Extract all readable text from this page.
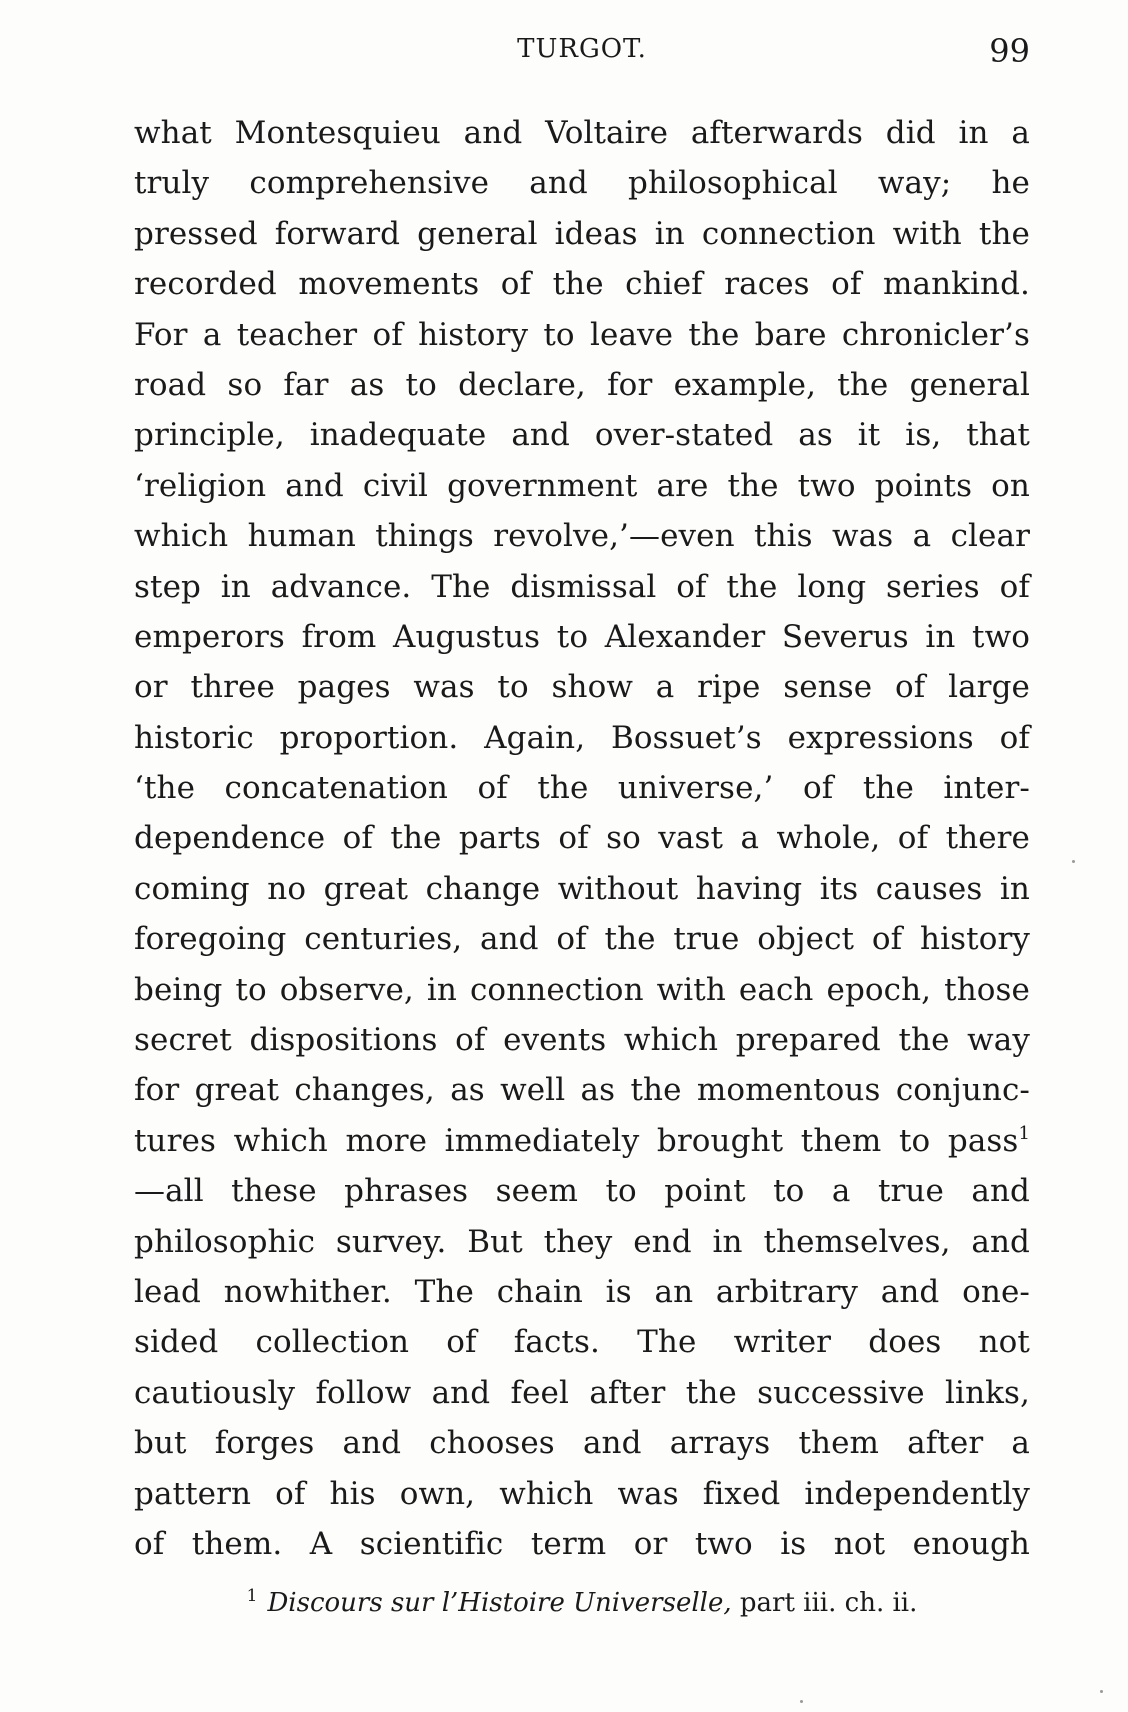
TURGOT.	99
what Montesquieu and Voltaire afterwards did in a
truly comprehensive and philosophical way; he
pressed forward general ideas in connection with the
recorded movements of the chief races of mankind.
For a teacher of history to leave the bare chronicler’s
road so far as to declare, for example, the general
principle, inadequate and over-stated as it is, that
‘religion and civil government are the two points on
which human things revolve,’—even this was a clear
step in advance. The dismissal of the long series of
emperors from Augustus to Alexander Severus in two
or three pages was to show a ripe sense of large
historic proportion. Again, Bossuet’s expressions of
‘the concatenation of the universe,’ of the inter-
dependence of the parts of so vast a whole, of there
coming no great change without having its causes in
foregoing centuries, and of the true object of history
being to observe, in connection with each epoch, those
secret dispositions of events which prepared the way
for great changes, as well as the momentous conjunc-
tures which more immediately brought them to pass$^1$
—all these phrases seem to point to a true and
philosophic survey. But they end in themselves, and
lead nowhither. The chain is an arbitrary and one-
sided collection of facts. The writer does not
cautiously follow and feel after the successive links,
but forges and chooses and arrays them after a
pattern of his own, which was fixed independently
of them. A scientific term or two is not enough
$^1$ Discours sur l’Histoire Universelle, part iii. ch. ii.
